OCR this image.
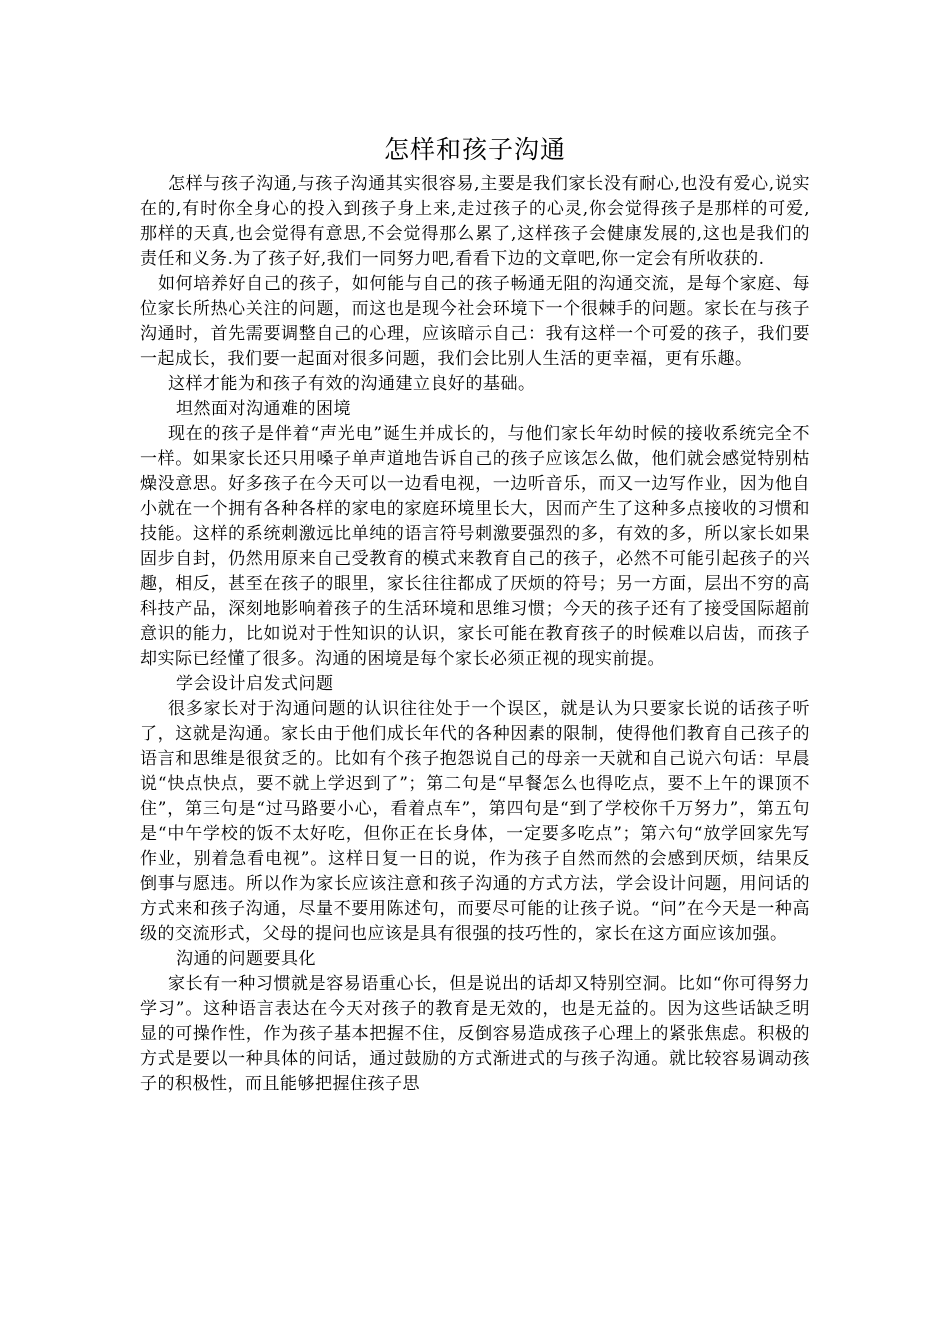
怎样和孩子沟通

怎样与孩子沟通,与孩子沟通其实很容易,主要是我们家长没有耐心,也没有爱心,说实在的,有时你全身心的投入到孩子身上来,走过孩子的心灵,你会觉得孩子是那样的可爱,那样的天真,也会觉得有意思,不会觉得那么累了,这样孩子会健康发展的,这也是我们的责任和义务.为了孩子好,我们一同努力吧,看看下边的文章吧,你一定会有所收获的.

如何培养好自己的孩子，如何能与自己的孩子畅通无阻的沟通交流，是每个家庭、每位家长所热心关注的问题，而这也是现今社会环境下一个很棘手的问题。家长在与孩子沟通时，首先需要调整自己的心理，应该暗示自己：我有这样一个可爱的孩子，我们要一起成长，我们要一起面对很多问题，我们会比别人生活的更幸福，更有乐趣。

这样才能为和孩子有效的沟通建立良好的基础。

坦然面对沟通难的困境

现在的孩子是伴着“声光电”诞生并成长的，与他们家长年幼时候的接收系统完全不一样。如果家长还只用嗓子单声道地告诉自己的孩子应该怎么做，他们就会感觉特别枯燥没意思。好多孩子在今天可以一边看电视，一边听音乐，而又一边写作业，因为他自小就在一个拥有各种各样的家电的家庭环境里长大，因而产生了这种多点接收的习惯和技能。这样的系统刺激远比单纯的语言符号刺激要强烈的多，有效的多，所以家长如果固步自封，仍然用原来自己受教育的模式来教育自己的孩子，必然不可能引起孩子的兴趣，相反，甚至在孩子的眼里，家长往往都成了厌烦的符号；另一方面，层出不穷的高科技产品，深刻地影响着孩子的生活环境和思维习惯；今天的孩子还有了接受国际超前意识的能力，比如说对于性知识的认识，家长可能在教育孩子的时候难以启齿，而孩子却实际已经懂了很多。沟通的困境是每个家长必须正视的现实前提。

学会设计启发式问题

很多家长对于沟通问题的认识往往处于一个误区，就是认为只要家长说的话孩子听了，这就是沟通。家长由于他们成长年代的各种因素的限制，使得他们教育自己孩子的语言和思维是很贫乏的。比如有个孩子抱怨说自己的母亲一天就和自己说六句话：早晨说“快点快点，要不就上学迟到了”；第二句是“早餐怎么也得吃点，要不上午的课顶不住”，第三句是“过马路要小心，看着点车”，第四句是“到了学校你千万努力”，第五句是“中午学校的饭不太好吃，但你正在长身体，一定要多吃点”；第六句“放学回家先写作业，别着急看电视”。这样日复一日的说，作为孩子自然而然的会感到厌烦，结果反倒事与愿违。所以作为家长应该注意和孩子沟通的方式方法，学会设计问题，用问话的方式来和孩子沟通，尽量不要用陈述句，而要尽可能的让孩子说。“问”在今天是一种高级的交流形式，父母的提问也应该是具有很强的技巧性的，家长在这方面应该加强。

沟通的问题要具化

家长有一种习惯就是容易语重心长，但是说出的话却又特别空洞。比如“你可得努力学习”。这种语言表达在今天对孩子的教育是无效的，也是无益的。因为这些话缺乏明显的可操作性，作为孩子基本把握不住，反倒容易造成孩子心理上的紧张焦虑。积极的方式是要以一种具体的问话，通过鼓励的方式渐进式的与孩子沟通。就比较容易调动孩子的积极性，而且能够把握住孩子思
